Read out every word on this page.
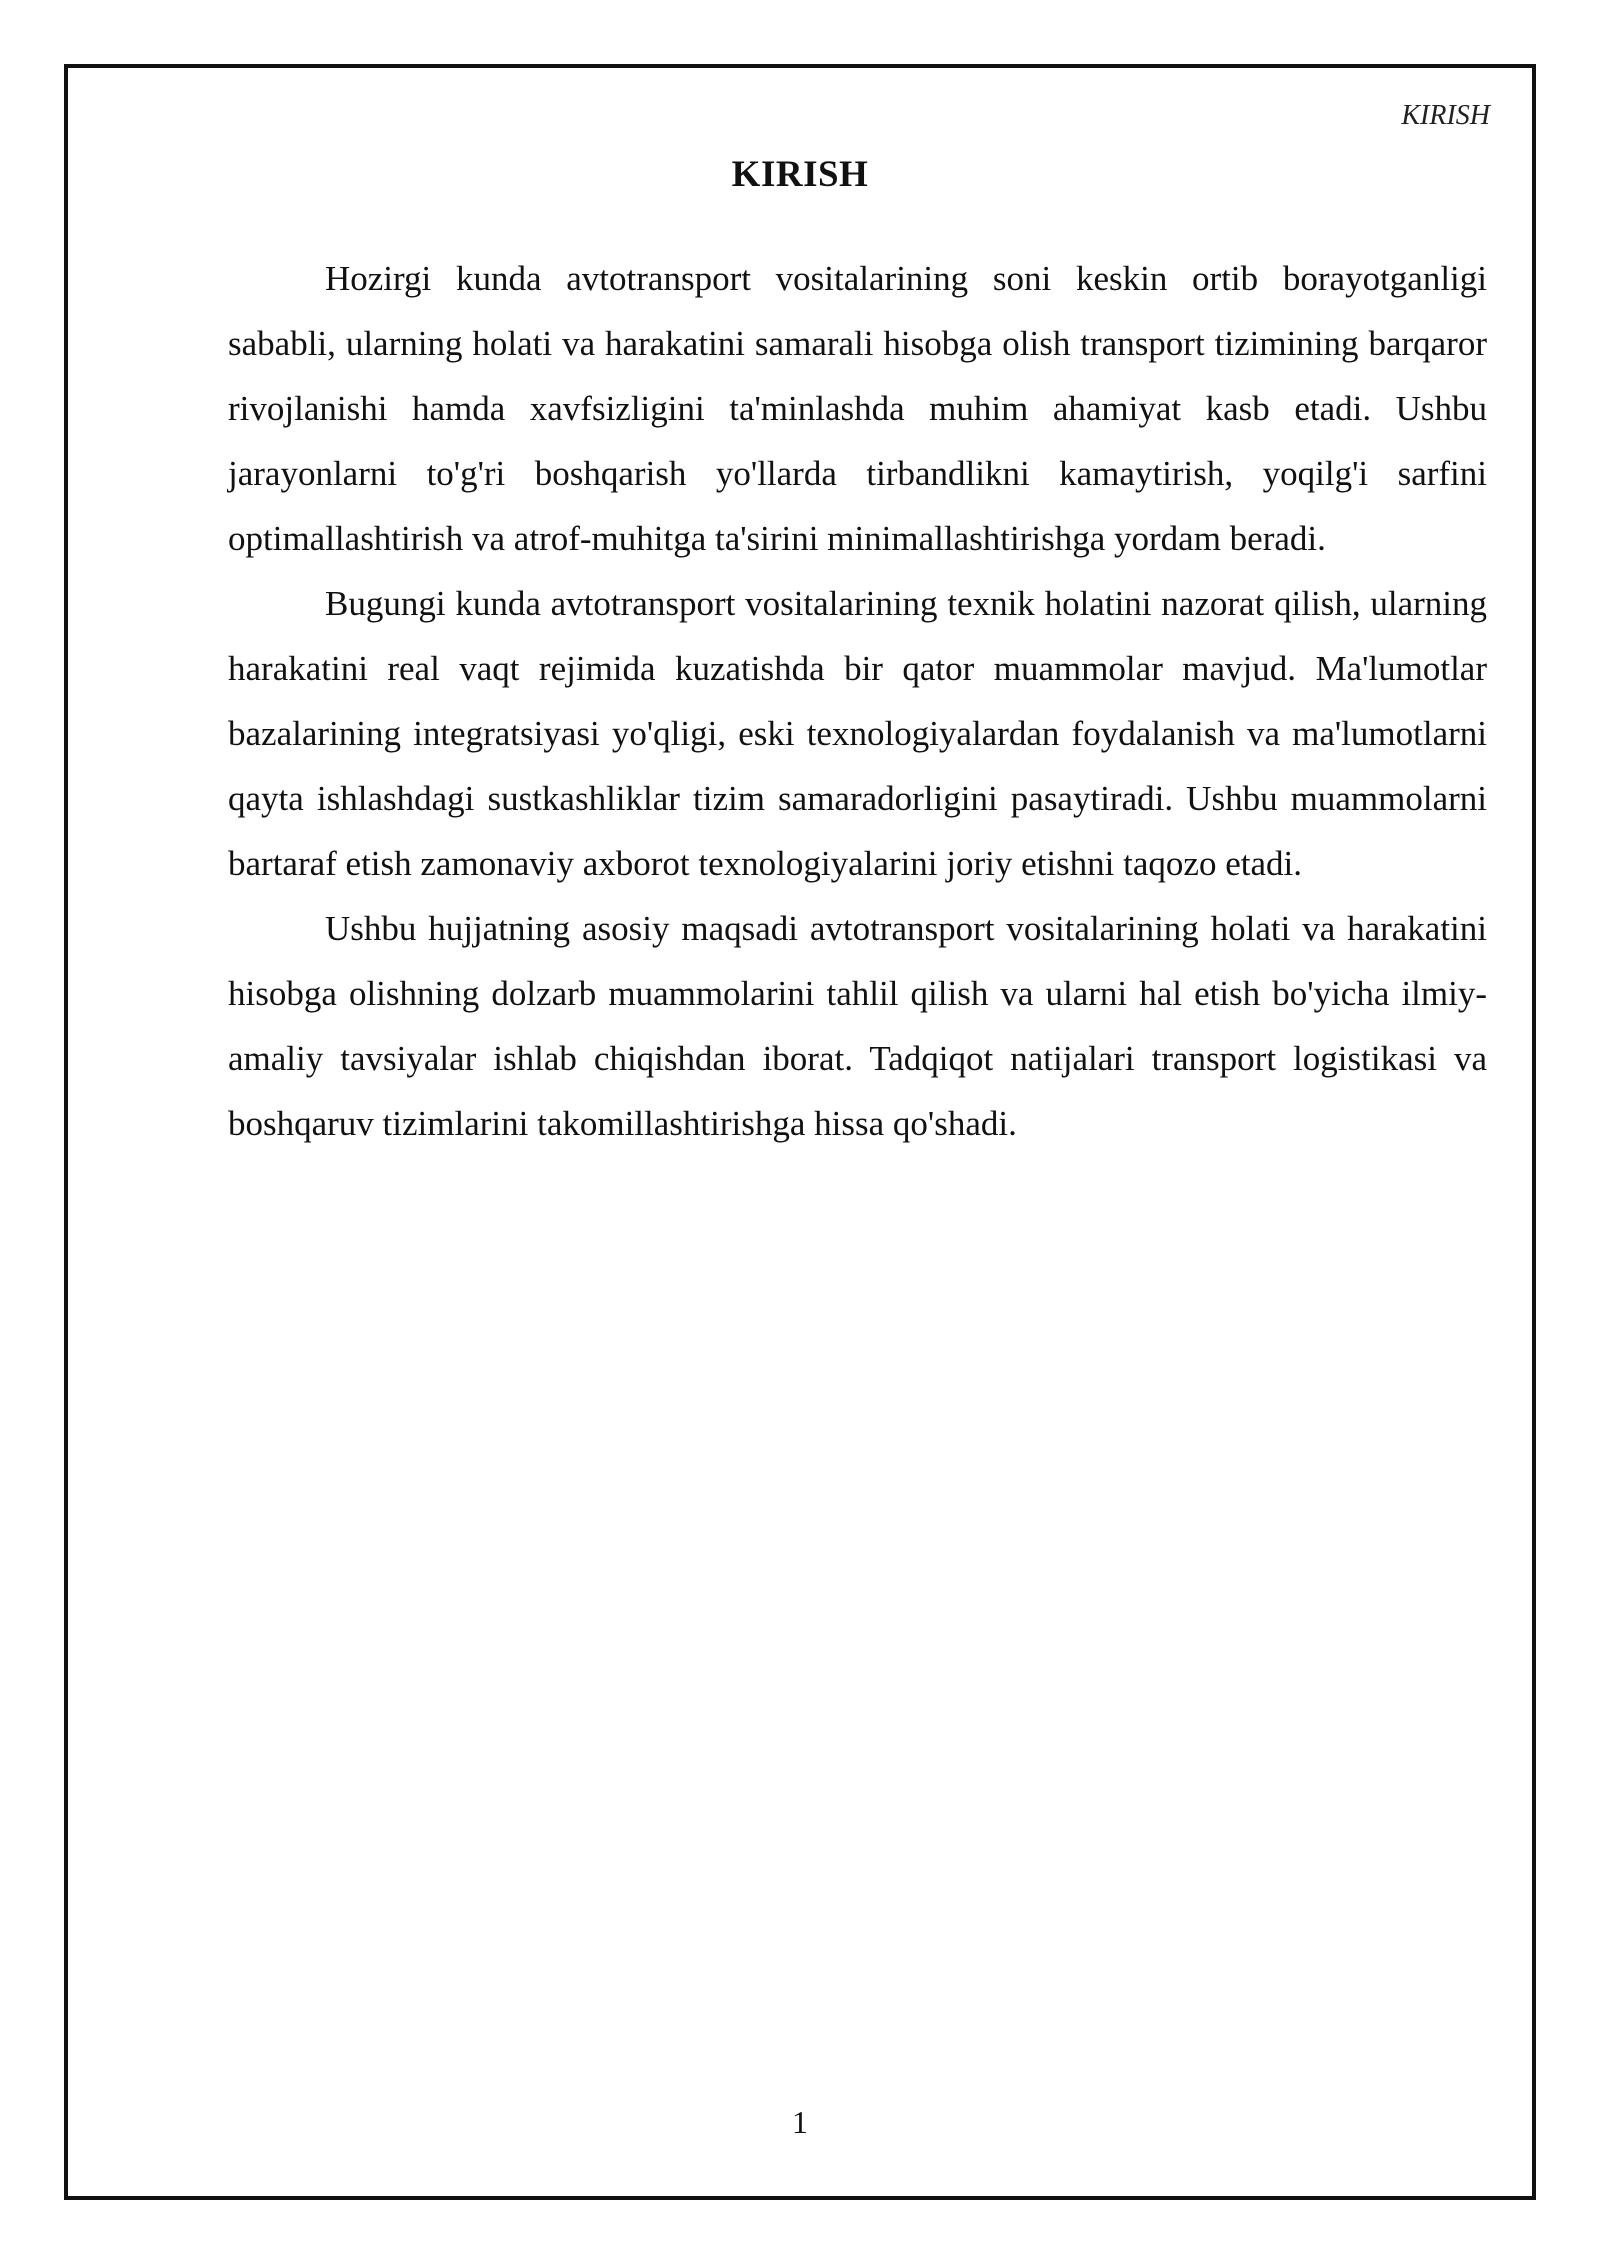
KIRISH
KIRISH

Hozirgi kunda avtotransport vositalarining soni keskin ortib borayotganligi sababli, ularning holati va harakatini samarali hisobga olish transport tizimining barqaror rivojlanishi hamda xavfsizligini ta'minlashda muhim ahamiyat kasb etadi. Ushbu jarayonlarni to'g'ri boshqarish yo'llarda tirbandlikni kamaytirish, yoqilg'i sarfini optimallashtirish va atrof-muhitga ta'sirini minimallashtirishga yordam beradi.

Bugungi kunda avtotransport vositalarining texnik holatini nazorat qilish, ularning harakatini real vaqt rejimida kuzatishda bir qator muammolar mavjud. Ma'lumotlar bazalarining integratsiyasi yo'qligi, eski texnologiyalardan foydalanish va ma'lumotlarni qayta ishlashdagi sustkashliklar tizim samaradorligini pasaytiradi. Ushbu muammolarni bartaraf etish zamonaviy axborot texnologiyalarini joriy etishni taqozo etadi.

Ushbu hujjatning asosiy maqsadi avtotransport vositalarining holati va harakatini hisobga olishning dolzarb muammolarini tahlil qilish va ularni hal etish bo'yicha ilmiy-amaliy tavsiyalar ishlab chiqishdan iborat. Tadqiqot natijalari transport logistikasi va boshqaruv tizimlarini takomillashtirishga hissa qo'shadi.

1
